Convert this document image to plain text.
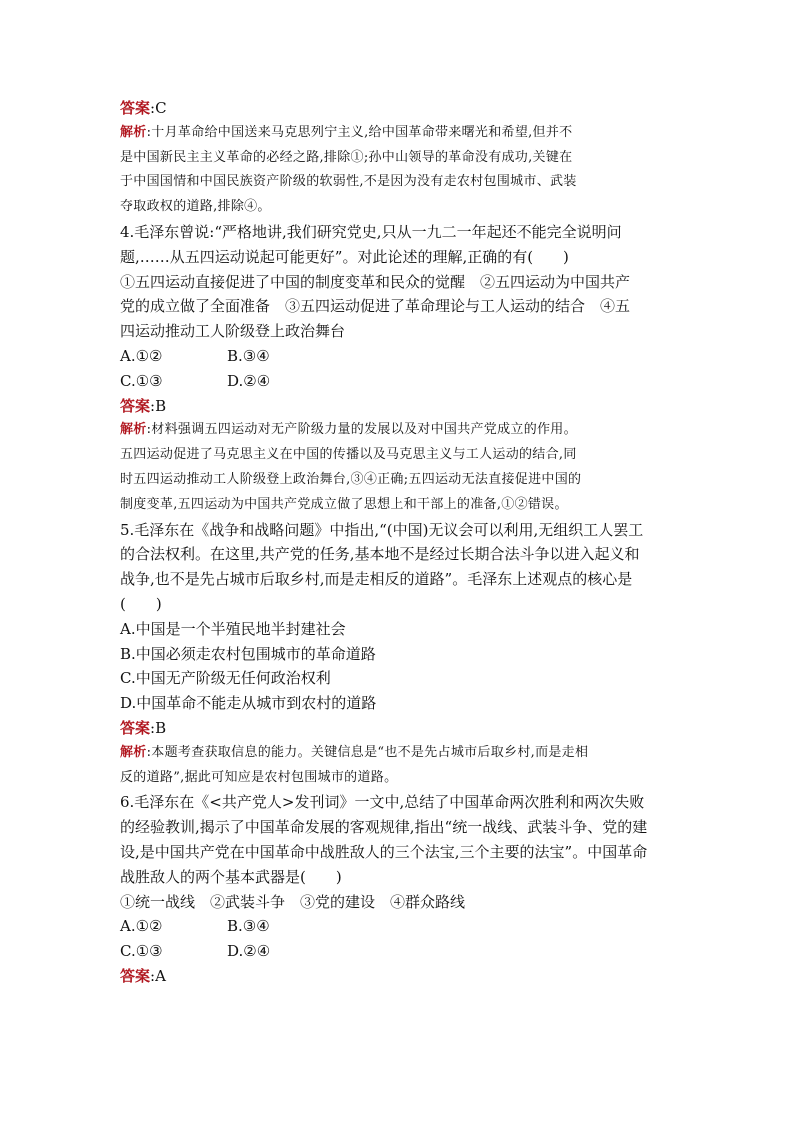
答案:C
解析:十月革命给中国送来马克思列宁主义,给中国革命带来曙光和希望,但并不
是中国新民主主义革命的必经之路,排除①;孙中山领导的革命没有成功,关键在
于中国国情和中国民族资产阶级的软弱性,不是因为没有走农村包围城市、武装
夺取政权的道路,排除④。
4.毛泽东曾说:“严格地讲,我们研究党史,只从一九二一年起还不能完全说明问
题,……从五四运动说起可能更好”。对此论述的理解,正确的有(　　)
①五四运动直接促进了中国的制度变革和民众的觉醒　②五四运动为中国共产
党的成立做了全面准备　③五四运动促进了革命理论与工人运动的结合　④五
四运动推动工人阶级登上政治舞台
A.①②	B.③④
C.①③	D.②④
答案:B
解析:材料强调五四运动对无产阶级力量的发展以及对中国共产党成立的作用。
五四运动促进了马克思主义在中国的传播以及马克思主义与工人运动的结合,同
时五四运动推动工人阶级登上政治舞台,③④正确;五四运动无法直接促进中国的
制度变革,五四运动为中国共产党成立做了思想上和干部上的准备,①②错误。
5.毛泽东在《战争和战略问题》中指出,“(中国)无议会可以利用,无组织工人罢工
的合法权利。在这里,共产党的任务,基本地不是经过长期合法斗争以进入起义和
战争,也不是先占城市后取乡村,而是走相反的道路”。毛泽东上述观点的核心是
(　　)
A.中国是一个半殖民地半封建社会
B.中国必须走农村包围城市的革命道路
C.中国无产阶级无任何政治权利
D.中国革命不能走从城市到农村的道路
答案:B
解析:本题考查获取信息的能力。关键信息是“也不是先占城市后取乡村,而是走相
反的道路”,据此可知应是农村包围城市的道路。
6.毛泽东在《<共产党人>发刊词》一文中,总结了中国革命两次胜利和两次失败
的经验教训,揭示了中国革命发展的客观规律,指出“统一战线、武装斗争、党的建
设,是中国共产党在中国革命中战胜敌人的三个法宝,三个主要的法宝”。中国革命
战胜敌人的两个基本武器是(　　)
①统一战线　②武装斗争　③党的建设　④群众路线
A.①②	B.③④
C.①③	D.②④
答案:A
